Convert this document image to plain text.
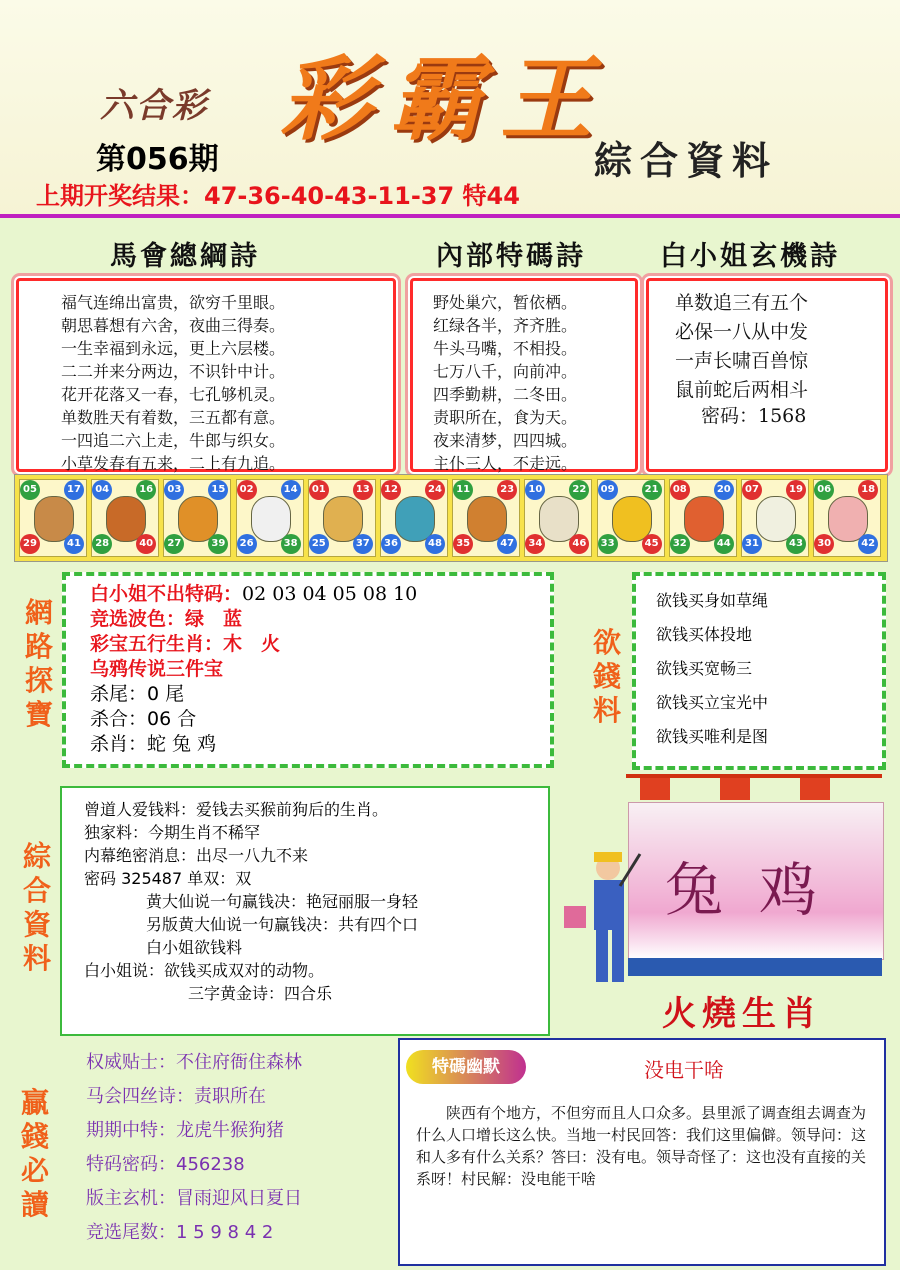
六合彩 彩霸王
第056期	綜合資料
上期开奖结果：47-36-40-43-11-37 特44
馬會總綱詩	內部特碼詩	白小姐玄機詩
福气连绵出富贵，欲穷千里眼。
朝思暮想有六舍，夜曲三得奏。
一生幸福到永远，更上六层楼。
二二并来分两边，不识针中计。
花开花落又一春，七孔够机灵。
单数胜天有着数，三五都有意。
一四追二六上走，牛郎与织女。
小草发春有五来，二上有九追。
野处巢穴，暂依栖。
红绿各半，齐齐胜。
牛头马嘴，不相投。
七万八千，向前冲。
四季勤耕，二冬田。
责职所在，食为天。
夜来清梦，四四城。
主仆三人，不走远。
单数追三有五个
必保一八从中发
一声长啸百兽惊
鼠前蛇后两相斗
密码：1568
05	17
29	41
04	16
28	40
03	15
27	39
02	14
26	38
01	13
25	37
12	24
36	48
11	23
35	47
10	22
34	46
09	21
33	45
08	20
32	44
07	19
31	43
06	18
30	42
網
路
探
寶
白小姐不出特码：02 03 04 05 08 10
竞选波色：绿　蓝
彩宝五行生肖：木　火
乌鸦传说三件宝
杀尾：0 尾
杀合：06 合
杀肖：蛇 兔 鸡
欲
錢
料
欲钱买身如草绳
欲钱买体投地
欲钱买宽畅三
欲钱买立宝光中
欲钱买唯利是图
綜
合
資
料
曾道人爱钱料：爱钱去买猴前狗后的生肖。
独家料：今期生肖不稀罕
内幕绝密消息：出尽一八九不来
密码 325487 单双：双
黄大仙说一句赢钱决：艳冠丽服一身轻
另版黄大仙说一句赢钱决：共有四个口
白小姐欲钱料
白小姐说：欲钱买成双对的动物。
三字黄金诗：四合乐
兔鸡
火燒生肖
贏
錢
必
讀
权威贴士：不住府衙住森林
马会四丝诗：责职所在
期期中特：龙虎牛猴狗猪
特码密码：456238
版主玄机：冒雨迎风日夏日
竞选尾数：1 5 9 8 4 2
特碼幽默	没电干啥
陕西有个地方，不但穷而且人口众多。县里派了调查组去调查为什么人口增长这么快。当地一村民回答：我们这里偏僻。领导问：这和人多有什么关系？答曰：没有电。领导奇怪了：这也没有直接的关系呀！村民解：没电能干啥
